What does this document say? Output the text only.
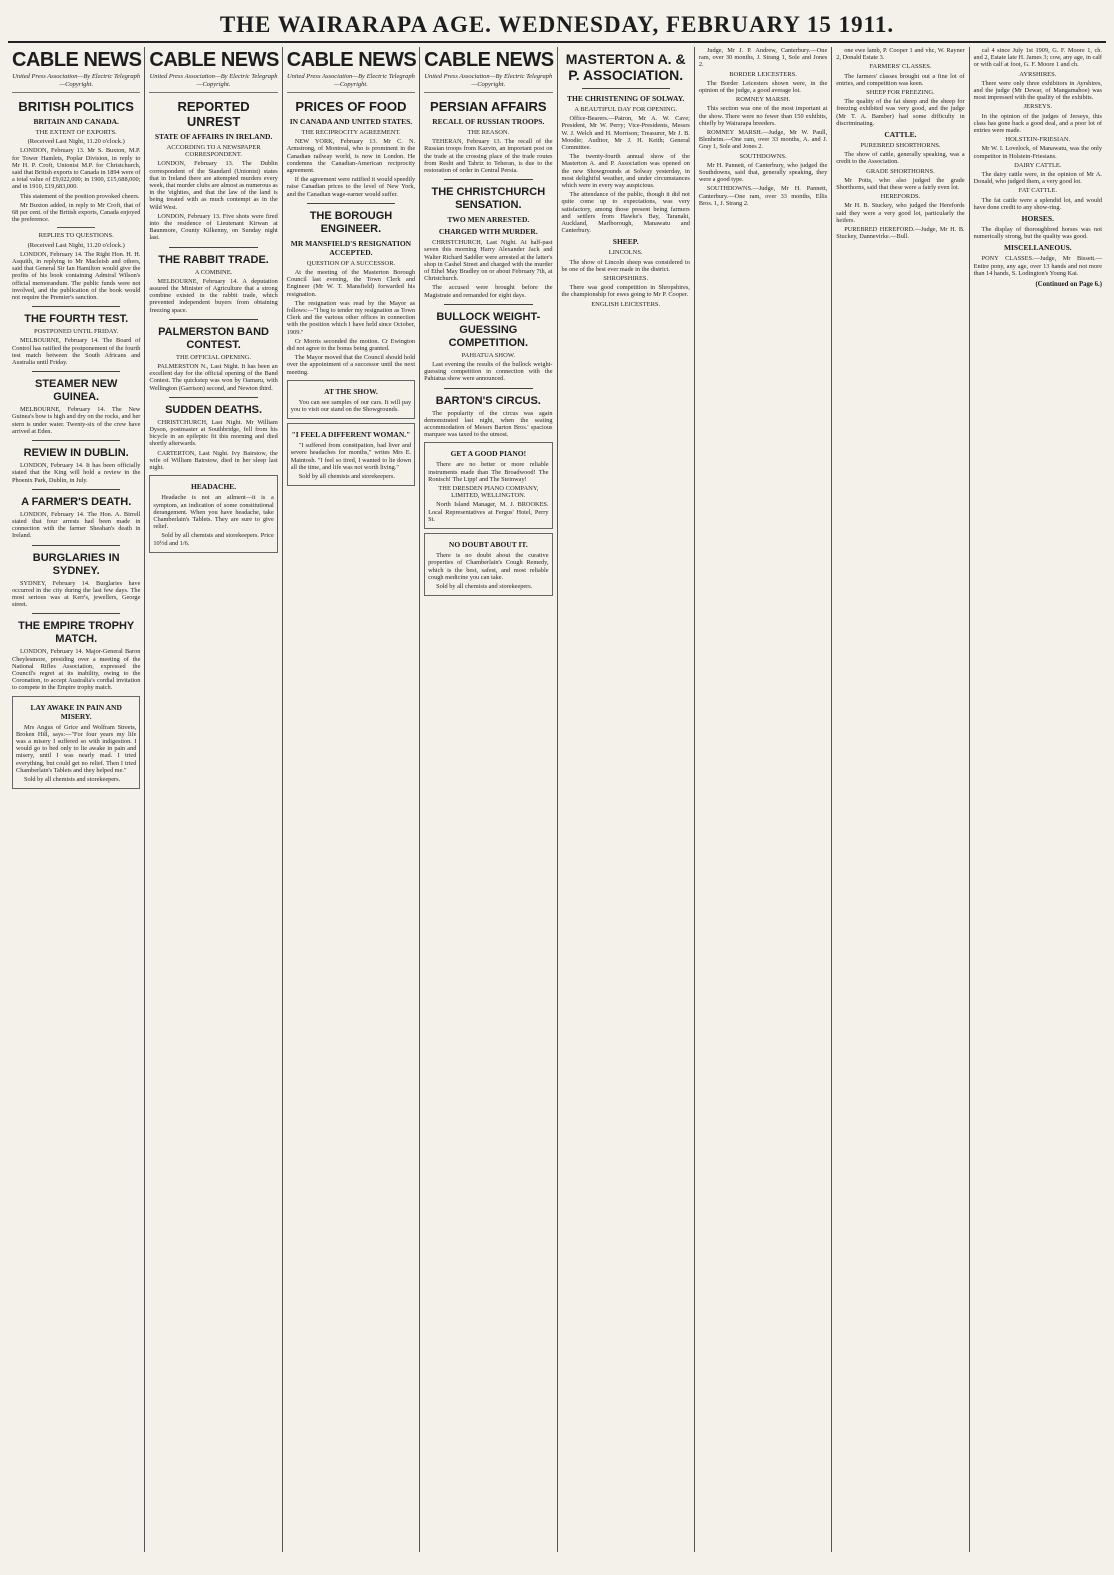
THE WAIRARAPA AGE. WEDNESDAY, FEBRUARY 15 1911.
CABLE NEWS
United Press Association—By Electric Telegraph—Copyright.
BRITISH POLITICS
BRITAIN AND CANADA.
THE EXTENT OF EXPORTS.
(Received Last Night, 11.20 o'clock.)

LONDON, February 13. Mr S. Buxton, M.P. for Tower Hamlets, Poplar Division, in reply to Mr H. P. Croft, Unionist M.P. for Christchurch, said that British exports to Canada in 1894 were of a total value of £9,022,000; in 1900, £15,688,000; and in 1910, £19,683,000.

This statement of the position provoked cheers.

Mr Buxton added, in reply to Mr Croft, that of 68 per cent. of the British exports, Canada enjoyed the preference.

REPLIES TO QUESTIONS.
(Received Last Night, 11.20 o'clock.)

LONDON, February 14. The Right Hon. H. H. Asquith, in replying to Mr Macleish and others, said that General Sir Ian Hamilton would give the profits of his book containing Admiral Wilson's official memorandum. The public funds were not involved, and the publication of the book would not require the Premier's sanction.

THE FOURTH TEST.
POSTPONED UNTIL FRIDAY.

MELBOURNE, February 14. The Board of Control has ratified the postponement of the fourth test match between the South Africans and Australia until Friday.

STEAMER NEW GUINEA.

MELBOURNE, February 14. The New Guinea's bow is high and dry on the rocks, and her stern is under water. Twenty-six of the crew have arrived at Eden.

REVIEW IN DUBLIN.

LONDON, February 14. It has been officially stated that the King will hold a review in the Phoenix Park, Dublin, in July.

A FARMER'S DEATH.

LONDON, February 14. The Hon. A. Birrell stated that four arrests had been made in connection with the farmer Sheahan's death in Ireland.

BURGLARIES IN SYDNEY.

SYDNEY, February 14. Burglaries have occurred in the city during the last few days. The most serious was at Kerr's, jewellers, George street.

THE EMPIRE TROPHY MATCH.

LONDON, February 14. Major-General Baron Cheylesmore, presiding over a meeting of the National Rifles Association, expressed the Council's regret at its inability, owing to the Coronation, to accept Australia's cordial invitation to compete in the Empire trophy match.

LAY AWAKE IN PAIN AND MISERY.

Mrs Angus of Grice and Wolfram Streets, Broken Hill, says:—"For four years my life was a misery I suffered so with indigestion. I would go to bed only to lie awake in pain and misery, until I was nearly mad. I tried everything, but could get no relief. Then I tried Chamberlain's Tablets and they helped me."

Sold by all chemists and storekeepers.

CABLE NEWS
United Press Association—By Electric Telegraph—Copyright.
REPORTED UNREST
STATE OF AFFAIRS IN IRELAND.
ACCORDING TO A NEWSPAPER CORRESPONDENT.

LONDON, February 13. The Dublin correspondent of the Standard (Unionist) states that in Ireland there are attempted murders every week, that murder clubs are almost as numerous as in the 'eighties, and that the law of the land is being treated with as much contempt as in the Wild West.

LONDON, February 13. Five shots were fired into the residence of Lieutenant Kirwan at Baunmore, County Kilkenny, on Sunday night last.

THE RABBIT TRADE.
A COMBINE.

MELBOURNE, February 14. A deputation assured the Minister of Agriculture that a strong combine existed in the rabbit trade, which prevented independent buyers from obtaining freezing space.

PALMERSTON BAND CONTEST.
THE OFFICIAL OPENING.

PALMERSTON N., Last Night. It has been an excellent day for the official opening of the Band Contest. The quickstep was won by Oamaru, with Wellington (Garrison) second, and Newton third.

SUDDEN DEATHS.

CHRISTCHURCH, Last Night. Mr William Dyson, postmaster at Southbridge, fell from his bicycle in an epileptic fit this morning and died shortly afterwards.

CARTERTON, Last Night. Ivy Bairstow, the wife of William Bairstow, died in her sleep last night.

HEADACHE.

Headache is not an ailment—it is a symptom, an indication of some constitutional derangement. When you have headache, take Chamberlain's Tablets. They are sure to give relief.

Sold by all chemists and storekeepers. Price 10½d and 1/6.

CABLE NEWS
United Press Association—By Electric Telegraph—Copyright.
PRICES OF FOOD
IN CANADA AND UNITED STATES.
THE RECIPROCITY AGREEMENT.

NEW YORK, February 13. Mr C. N. Armstrong, of Montreal, who is prominent in the Canadian railway world, is now in London. He condemns the Canadian-American reciprocity agreement.

If the agreement were ratified it would speedily raise Canadian prices to the level of New York, and the Canadian wage-earner would suffer.

THE BOROUGH ENGINEER.
MR MANSFIELD'S RESIGNATION ACCEPTED.
QUESTION OF A SUCCESSOR.

At the meeting of the Masterton Borough Council last evening, the Town Clerk and Engineer (Mr W. T. Mansfield) forwarded his resignation.

The resignation was read by the Mayor as follows:—"I beg to tender my resignation as Town Clerk and the various other offices in connection with the position which I have held since October, 1909."

Cr Morris seconded the motion. Cr Ewington did not agree to the bonus being granted.

The Mayor moved that the Council should hold over the appointment of a successor until the next meeting.

AT THE SHOW.

You can see samples of our cars. It will pay you to visit our stand on the Showgrounds.

"I FEEL A DIFFERENT WOMAN."

"I suffered from constipation, bad liver and severe headaches for months," writes Mrs E. Maintosh. "I feel so tired, I wanted to lie down all the time, and life was not worth living."

Sold by all chemists and storekeepers.

CABLE NEWS
United Press Association—By Electric Telegraph—Copyright.
PERSIAN AFFAIRS
RECALL OF RUSSIAN TROOPS.
THE REASON.

TEHERAN, February 13. The recall of the Russian troops from Kazvin, an important post on the trade at the crossing place of the trade routes from Resht and Tabriz to Teheran, is due to the restoration of order in Central Persia.

THE CHRISTCHURCH SENSATION.
TWO MEN ARRESTED.
CHARGED WITH MURDER.

CHRISTCHURCH, Last Night. At half-past seven this morning Harry Alexander Jack and Walter Richard Saddler were arrested at the latter's shop in Cashel Street and charged with the murder of Ethel May Bradley on or about February 7th, at Christchurch.

The accused were brought before the Magistrate and remanded for eight days.

BULLOCK WEIGHT-GUESSING COMPETITION.
PAHIATUA SHOW.

Last evening the results of the bullock weight-guessing competition in connection with the Pahiatua show were announced.

BARTON'S CIRCUS.

The popularity of the circus was again demonstrated last night, when the seating accommodation of Messrs Barton Bros.' spacious marquee was taxed to the utmost.

GET A GOOD PIANO!

There are no better or more reliable instruments made than The Broadwood! The Ronisch! The Lipp! and The Steinway!

THE DRESDEN PIANO COMPANY, LIMITED, WELLINGTON.

North Island Manager, M. J. BROOKES. Local Representatives at Fergus' Hotel, Perry St.

NO DOUBT ABOUT IT.

There is no doubt about the curative properties of Chamberlain's Cough Remedy, which is the best, safest, and most reliable cough medicine you can take.

Sold by all chemists and storekeepers.

MASTERTON A. & P. ASSOCIATION.
THE CHRISTENING OF SOLWAY.
A BEAUTIFUL DAY FOR OPENING.

Office-Bearers.—Patron, Mr A. W. Cave; President, Mr W. Perry; Vice-Presidents, Messrs W. J. Welch and H. Morrison; Treasurer, Mr J. B. Moodie; Auditor, Mr J. H. Keith; General Committee.

The twenty-fourth annual show of the Masterton A. and P. Association was opened on the new Showgrounds at Solway yesterday, in most delightful weather, and under circumstances which were in every way auspicious.

The attendance of the public, though it did not quite come up to expectations, was very satisfactory, among those present being farmers and settlers from Hawke's Bay, Taranaki, Auckland, Marlborough, Manawatu and Canterbury.

SHEEP.
LINCOLNS.

The show of Lincoln sheep was considered to be one of the best ever made in the district.

SHROPSHIRES.

There was good competition in Shropshires, the championship for ewes going to Mr P. Cooper.

ENGLISH LEICESTERS.

Judge, Mr J. P. Andrew, Canterbury.—One ram, over 30 months, J. Strang 1, Sole and Jones 2.

BORDER LEICESTERS.

The Border Leicesters shown were, in the opinion of the judge, a good average lot.

ROMNEY MARSH.

This section was one of the most important at the show. There were no fewer than 150 exhibits, chiefly by Wairarapa breeders.

ROMNEY MARSH.—Judge, Mr W. Paull, Blenheim.—One ram, over 33 months, A. and J. Gray 1, Sole and Jones 2.

SOUTHDOWNS.

Mr H. Pannett, of Canterbury, who judged the Southdowns, said that, generally speaking, they were a good type.

SOUTHDOWNS.—Judge, Mr H. Pannett, Canterbury.—One ram, over 33 months, Ellis Bros. 1, J. Strang 2.

one ewe lamb, P. Cooper 1 and vhc, W. Rayner 2, Donald Estate 3.

FARMERS' CLASSES.

The farmers' classes brought out a fine lot of entries, and competition was keen.

SHEEP FOR FREEZING.

The quality of the fat sheep and the sheep for freezing exhibited was very good, and the judge (Mr T. A. Bamber) had some difficulty in discriminating.

CATTLE.
PUREBRED SHORTHORNS.

The show of cattle, generally speaking, was a credit to the Association.

GRADE SHORTHORNS.

Mr Potts, who also judged the grade Shorthorns, said that these were a fairly even lot.

HEREFORDS.

Mr H. B. Stuckey, who judged the Herefords said they were a very good lot, particularly the heifers.

PUREBRED HEREFORD.—Judge, Mr H. B. Stuckey, Dannevirke.—Bull.

cal 4 since July 1st 1909, G. F. Moore 1, ch. and 2, Estate late H. James 3; cow, any age, in calf or with calf at foot, G. F. Moore 1 and ch.

AYRSHIRES.

There were only three exhibitors in Ayrshires, and the judge (Mr Dewar, of Mangamahoe) was most impressed with the quality of the exhibits.

JERSEYS.

In the opinion of the judges of Jerseys, this class has gone back a good deal, and a poor lot of entries were made.

HOLSTEIN-FRIESIAN.

Mr W. I. Lovelock, of Manawatu, was the only competitor in Holstein-Friesians.

DAIRY CATTLE.

The dairy cattle were, in the opinion of Mr A. Donald, who judged them, a very good lot.

FAT CATTLE.

The fat cattle were a splendid lot, and would have done credit to any show-ring.

HORSES.

The display of thoroughbred horses was not numerically strong, but the quality was good.

MISCELLANEOUS.

PONY CLASSES.—Judge, Mr Bissett.—Entire pony, any age, over 13 hands and not more than 14 hands, S. Lodington's Young Kai.

(Continued on Page 6.)
